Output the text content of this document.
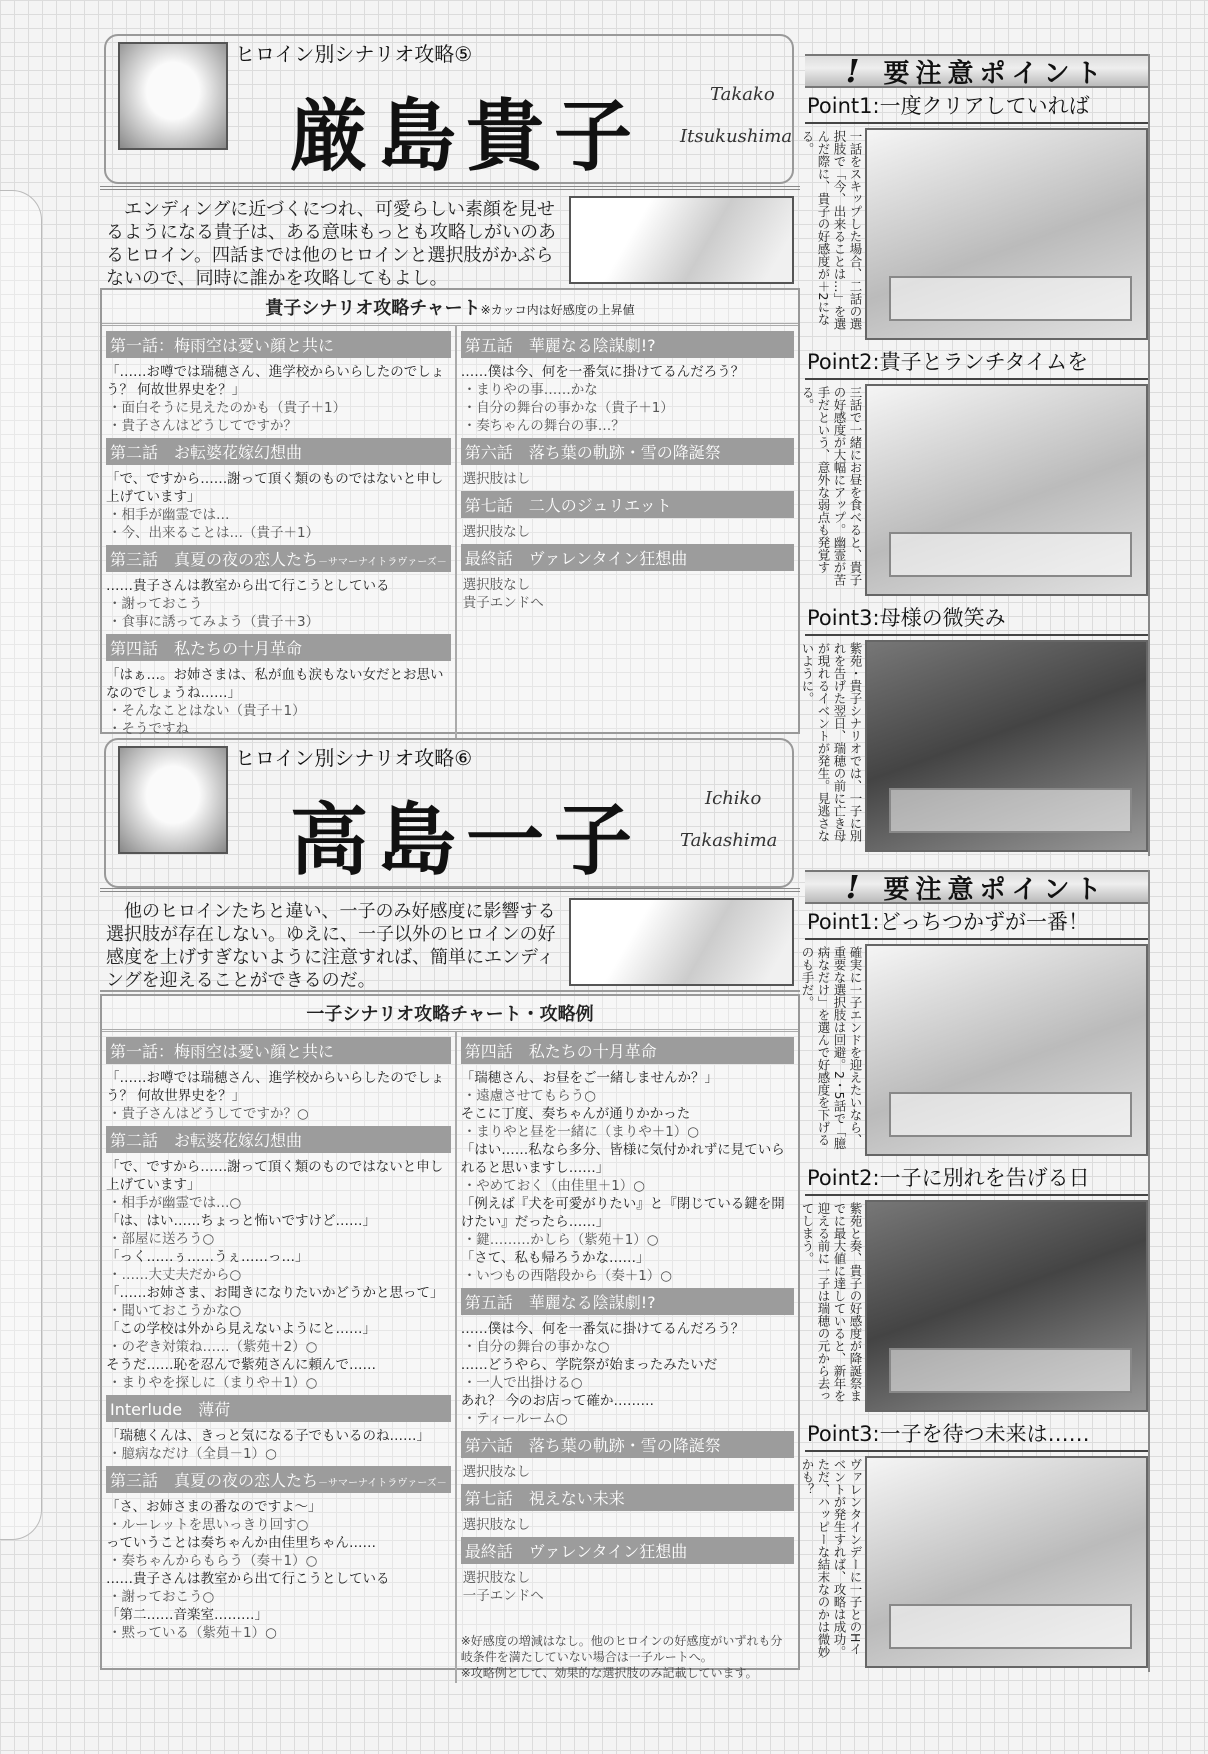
ヒロイン別シナリオ攻略⑤
厳島貴子	Takako
Itsukushima
エンディングに近づくにつれ、可愛らしい素顔を見せるようになる貴子は、ある意味もっとも攻略しがいのあるヒロイン。四話までは他のヒロインと選択肢がかぶらないので、同時に誰かを攻略してもよし。
貴子シナリオ攻略チャート※カッコ内は好感度の上昇値
第一話：梅雨空は憂い顔と共に
「……お噂では瑞穂さん、進学校からいらしたのでしょう？ 何故世界史を？」
・面白そうに見えたのかも（貴子＋1）
・貴子さんはどうしてですか？
第二話　お転婆花嫁幻想曲
「で、ですから……謝って頂く類のものではないと申し上げています」
・相手が幽霊では…
・今、出来ることは…（貴子＋1）
第三話　真夏の夜の恋人たち－サマーナイトラヴァーズ－
……貴子さんは教室から出て行こうとしている
・謝っておこう
・食事に誘ってみよう（貴子＋3）
第四話　私たちの十月革命
「はぁ…。お姉さまは、私が血も涙もない女だとお思いなのでしょうね……」
・そんなことはない（貴子＋1）
・そうですね
第五話　華麗なる陰謀劇!?
……僕は今、何を一番気に掛けてるんだろう？
・まりやの事……かな
・自分の舞台の事かな（貴子＋1）
・奏ちゃんの舞台の事…？
第六話　落ち葉の軌跡・雪の降誕祭
選択肢はし
第七話　二人のジュリエット
選択肢なし
最終話　ヴァレンタイン狂想曲
選択肢なし
貴子エンドへ
ヒロイン別シナリオ攻略⑥
高島一子	Ichiko
Takashima
他のヒロインたちと違い、一子のみ好感度に影響する選択肢が存在しない。ゆえに、一子以外のヒロインの好感度を上げすぎないように注意すれば、簡単にエンディングを迎えることができるのだ。
一子シナリオ攻略チャート・攻略例
第一話：梅雨空は憂い顔と共に
「……お噂では瑞穂さん、進学校からいらしたのでしょう？ 何故世界史を？」
・貴子さんはどうしてですか？○
第二話　お転婆花嫁幻想曲
「で、ですから……謝って頂く類のものではないと申し上げています」
・相手が幽霊では…○
「は、はい……ちょっと怖いですけど……」
・部屋に送ろう○
「っく……ぅ……うぇ……っ…」
・……大丈夫だから○
「……お姉さま、お聞きになりたいかどうかと思って」
・聞いておこうかな○
「この学校は外から見えないようにと……」
・のぞき対策ね……（紫苑＋2）○
そうだ……恥を忍んで紫苑さんに頼んで……
・まりやを探しに（まりや＋1）○
Interlude　薄荷
「瑞穂くんは、きっと気になる子でもいるのね……」
・臆病なだけ（全員－1）○
第三話　真夏の夜の恋人たち－サマーナイトラヴァーズ－
「さ、お姉さまの番なのですよ～」
・ルーレットを思いっきり回す○
っていうことは奏ちゃんか由佳里ちゃん……
・奏ちゃんからもらう（奏＋1）○
……貴子さんは教室から出て行こうとしている
・謝っておこう○
「第二……音楽室………」
・黙っている（紫苑＋1）○
第四話　私たちの十月革命
「瑞穂さん、お昼をご一緒しませんか？」
・遠慮させてもらう○
そこに丁度、奏ちゃんが通りかかった
・まりやと昼を一緒に（まりや＋1）○
「はい……私なら多分、皆様に気付かれずに見ていられると思いますし……」
・やめておく（由佳里＋1）○
「例えば『犬を可愛がりたい』と『閉じている鍵を開けたい』だったら……」
・鍵………かしら（紫苑＋1）○
「さて、私も帰ろうかな……」
・いつもの西階段から（奏＋1）○
第五話　華麗なる陰謀劇!?
……僕は今、何を一番気に掛けてるんだろう？
・自分の舞台の事かな○
……どうやら、学院祭が始まったみたいだ
・一人で出掛ける○
あれ？ 今のお店って確か………
・ティールーム○
第六話　落ち葉の軌跡・雪の降誕祭
選択肢なし
第七話　視えない未来
選択肢なし
最終話　ヴァレンタイン狂想曲
選択肢なし
一子エンドへ
※好感度の増減はなし。他のヒロインの好感度がいずれも分岐条件を満たしていない場合は一子ルートへ。
※攻略例として、効果的な選択肢のみ記載しています。
! 要注意ポイント
Point1:一度クリアしていれば
一話をスキップした場合、二話の選択肢で「今、出来ることは…」を選んだ際に、貴子の好感度が＋2になる。
Point2:貴子とランチタイムを
三話で一緒にお昼を食べると、貴子の好感度が大幅にアップ。幽霊が苦手だという、意外な弱点も発覚する。
Point3:母様の微笑み
紫苑・貴子シナリオでは、一子に別れを告げた翌日、瑞穂の前に亡き母が現れるイベントが発生。見逃さないように。
! 要注意ポイント
Point1:どっちつかずが一番！
確実に一子エンドを迎えたいなら、重要な選択肢は回避。2・5話で「臆病なだけ」を選んで好感度を下げるのも手だ。
Point2:一子に別れを告げる日
紫苑と奏、貴子の好感度が降誕祭までに最大値に達していると、新年を迎える前に一子は瑞穂の元から去ってしまう。
Point3:一子を待つ未来は……
ヴァレンタインデーに一子とのHイベントが発生すれば、攻略は成功。ただ、ハッピーな結末なのかは微妙かも？
